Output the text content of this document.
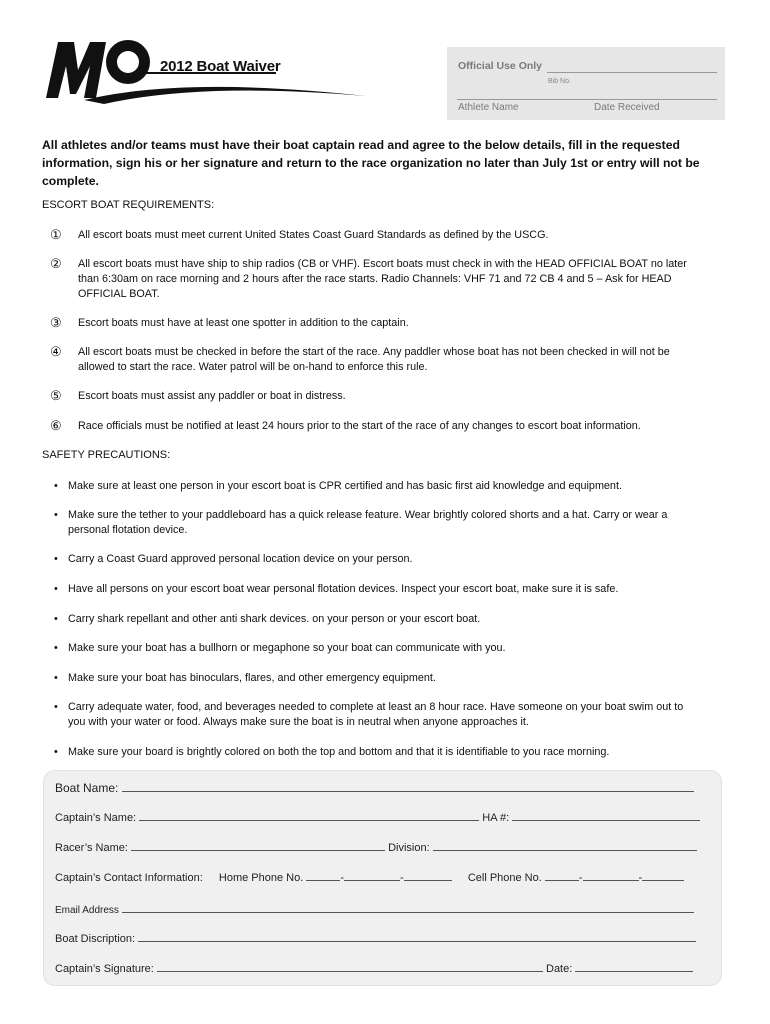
2012 Boat Waiver	Official Use Only
Bib No.
Athlete Name	Date Received
All athletes and/or teams must have their boat captain read and agree to the below details, fill in the requested information, sign his or her signature and return to the race organization no later than July 1st or entry will not be complete.
ESCORT BOAT REQUIREMENTS:
① All escort boats must meet current United States Coast Guard Standards as defined by the USCG.
② All escort boats must have ship to ship radios (CB or VHF). Escort boats must check in with the HEAD OFFICIAL BOAT no later than 6:30am on race morning and 2 hours after the race starts. Radio Channels: VHF 71 and 72 CB 4 and 5 – Ask for HEAD OFFICIAL BOAT.
③ Escort boats must have at least one spotter in addition to the captain.
④ All escort boats must be checked in before the start of the race. Any paddler whose boat has not been checked in will not be allowed to start the race. Water patrol will be on-hand to enforce this rule.
⑤ Escort boats must assist any paddler or boat in distress.
⑥ Race officials must be notified at least 24 hours prior to the start of the race of any changes to escort boat information.
SAFETY PRECAUTIONS:
• Make sure at least one person in your escort boat is CPR certified and has basic first aid knowledge and equipment.
• Make sure the tether to your paddleboard has a quick release feature. Wear brightly colored shorts and a hat. Carry or wear a personal flotation device.
• Carry a Coast Guard approved personal location device on your person.
• Have all persons on your escort boat wear personal flotation devices. Inspect your escort boat, make sure it is safe.
• Carry shark repellant and other anti shark devices. on your person or your escort boat.
• Make sure your boat has a bullhorn or megaphone so your boat can communicate with you.
• Make sure your boat has binoculars, flares, and other emergency equipment.
• Carry adequate water, food, and beverages needed to complete at least an 8 hour race. Have someone on your boat swim out to you with your water or food. Always make sure the boat is in neutral when anyone approaches it.
• Make sure your board is brightly colored on both the top and bottom and that it is identifiable to you race morning.
Boat Name:
Captain’s Name:	HA #:
Racer’s Name:	Division:
Captain’s Contact Information: Home Phone No.	-	-	Cell Phone No.	-	-
Email Address
Boat Discription:
Captain’s Signature:	Date:
